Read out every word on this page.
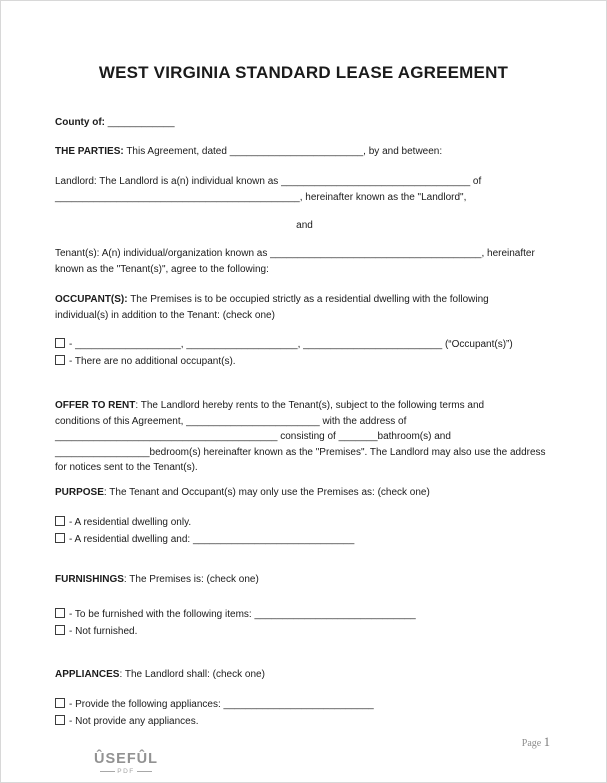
WEST VIRGINIA STANDARD LEASE AGREEMENT
County of: ____________
THE PARTIES: This Agreement, dated ________________________, by and between:
Landlord: The Landlord is a(n) individual known as __________________________________ of
____________________________________________, hereinafter known as the "Landlord",
and
Tenant(s): A(n) individual/organization known as ______________________________________, hereinafter
known as the "Tenant(s)", agree to the following:
OCCUPANT(S): The Premises is to be occupied strictly as a residential dwelling with the following
individual(s) in addition to the Tenant: (check one)
- ___________________, ____________________, _________________________ (“Occupant(s)”)
- There are no additional occupant(s).
OFFER TO RENT: The Landlord hereby rents to the Tenant(s), subject to the following terms and
conditions of this Agreement, ________________________ with the address of
________________________________________ consisting of _______bathroom(s) and
_________________bedroom(s) hereinafter known as the "Premises". The Landlord may also use the address
for notices sent to the Tenant(s).
PURPOSE: The Tenant and Occupant(s) may only use the Premises as: (check one)
- A residential dwelling only.
- A residential dwelling and: _____________________________
FURNISHINGS: The Premises is: (check one)
- To be furnished with the following items: _____________________________
- Not furnished.
APPLIANCES: The Landlord shall: (check one)
- Provide the following appliances: ___________________________
- Not provide any appliances.
Page 1
ÛSEFÛL
PDF
